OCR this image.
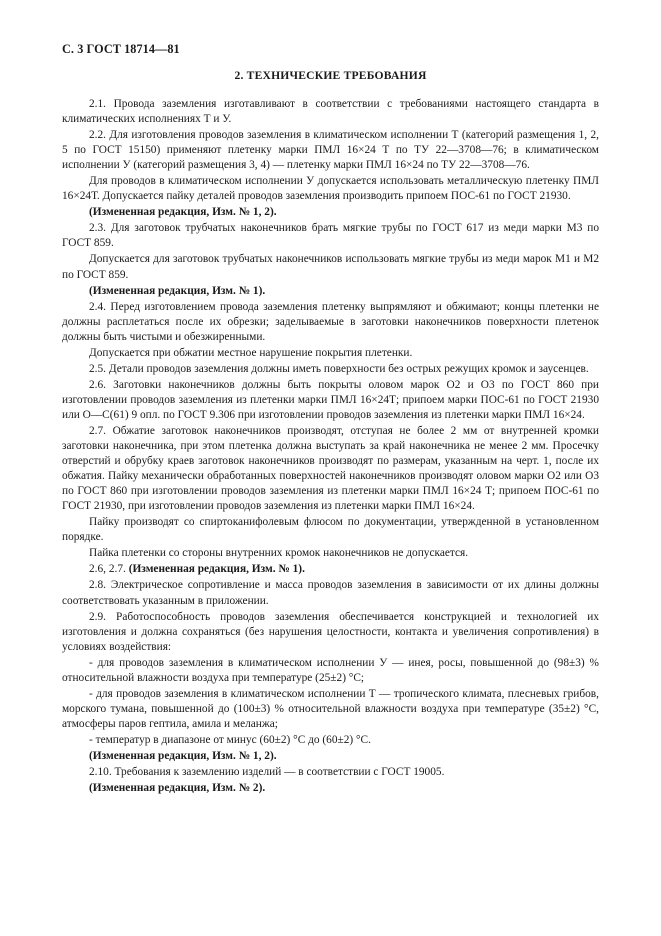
С. 3 ГОСТ 18714—81
2. ТЕХНИЧЕСКИЕ ТРЕБОВАНИЯ

2.1. Провода заземления изготавливают в соответствии с требованиями настоящего стандарта в климатических исполнениях Т и У.

2.2. Для изготовления проводов заземления в климатическом исполнении Т (категорий размещения 1, 2, 5 по ГОСТ 15150) применяют плетенку марки ПМЛ 16×24 Т по ТУ 22—3708—76; в климатическом исполнении У (категорий размещения 3, 4) — плетенку марки ПМЛ 16×24 по ТУ 22—3708—76.

Для проводов в климатическом исполнении У допускается использовать металлическую плетенку ПМЛ 16×24Т. Допускается пайку деталей проводов заземления производить припоем ПОС-61 по ГОСТ 21930.

(Измененная редакция, Изм. № 1, 2).

2.3. Для заготовок трубчатых наконечников брать мягкие трубы по ГОСТ 617 из меди марки М3 по ГОСТ 859.

Допускается для заготовок трубчатых наконечников использовать мягкие трубы из меди марок М1 и М2 по ГОСТ 859.

(Измененная редакция, Изм. № 1).

2.4. Перед изготовлением провода заземления плетенку выпрямляют и обжимают; концы плетенки не должны расплетаться после их обрезки; заделываемые в заготовки наконечников поверхности плетенок должны быть чистыми и обезжиренными.

Допускается при обжатии местное нарушение покрытия плетенки.

2.5. Детали проводов заземления должны иметь поверхности без острых режущих кромок и заусенцев.

2.6. Заготовки наконечников должны быть покрыты оловом марок О2 и О3 по ГОСТ 860 при изготовлении проводов заземления из плетенки марки ПМЛ 16×24Т; припоем марки ПОС-61 по ГОСТ 21930 или О—С(61) 9 опл. по ГОСТ 9.306 при изготовлении проводов заземления из плетенки марки ПМЛ 16×24.

2.7. Обжатие заготовок наконечников производят, отступая не более 2 мм от внутренней кромки заготовки наконечника, при этом плетенка должна выступать за край наконечника не менее 2 мм. Просечку отверстий и обрубку краев заготовок наконечников производят по размерам, указанным на черт. 1, после их обжатия. Пайку механически обработанных поверхностей наконечников производят оловом марки О2 или О3 по ГОСТ 860 при изготовлении проводов заземления из плетенки марки ПМЛ 16×24 Т; припоем ПОС-61 по ГОСТ 21930, при изготовлении проводов заземления из плетенки марки ПМЛ 16×24.

Пайку производят со спиртоканифолевым флюсом по документации, утвержденной в установленном порядке.

Пайка плетенки со стороны внутренних кромок наконечников не допускается.

2.6, 2.7. (Измененная редакция, Изм. № 1).

2.8. Электрическое сопротивление и масса проводов заземления в зависимости от их длины должны соответствовать указанным в приложении.

2.9. Работоспособность проводов заземления обеспечивается конструкцией и технологией их изготовления и должна сохраняться (без нарушения целостности, контакта и увеличения сопротивления) в условиях воздействия:

- для проводов заземления в климатическом исполнении У — инея, росы, повышенной до (98±3) % относительной влажности воздуха при температуре (25±2) °С;

- для проводов заземления в климатическом исполнении Т — тропического климата, плесневых грибов, морского тумана, повышенной до (100±3) % относительной влажности воздуха при температуре (35±2) °С, атмосферы паров гептила, амила и меланжа;

- температур в диапазоне от минус (60±2) °С до (60±2) °С.

(Измененная редакция, Изм. № 1, 2).

2.10. Требования к заземлению изделий — в соответствии с ГОСТ 19005.

(Измененная редакция, Изм. № 2).
